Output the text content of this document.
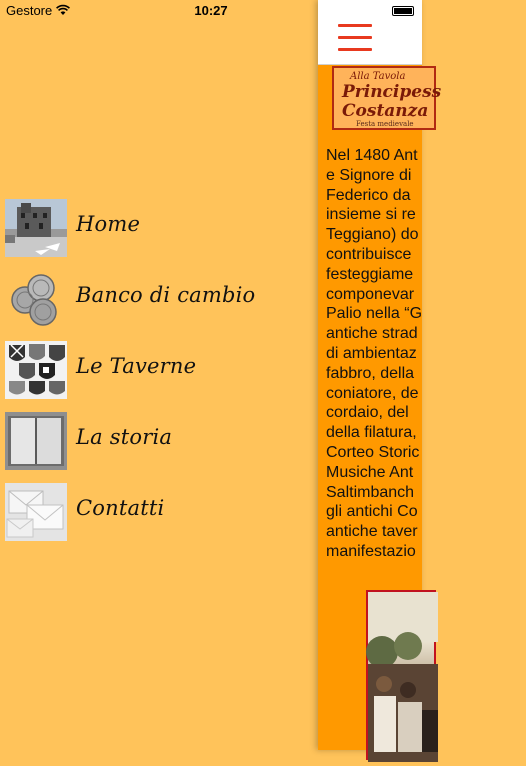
Gestore	10:27
Home
Banco di cambio
Le Taverne
La storia
Contatti
Alla Tavola
Principess
Costanza
Festa medievale
Nel 1480 Ant
e Signore di
Federico da
insieme si re
Teggiano) do
contribuisce
festeggiame
componevar
Palio nella “G
antiche strad
di ambientaz
fabbro, della
coniatore, de
cordaio, del
della filatura,
Corteo Storic
Musiche Ant
Saltimbanch
gli antichi Co
antiche taver
manifestazio
